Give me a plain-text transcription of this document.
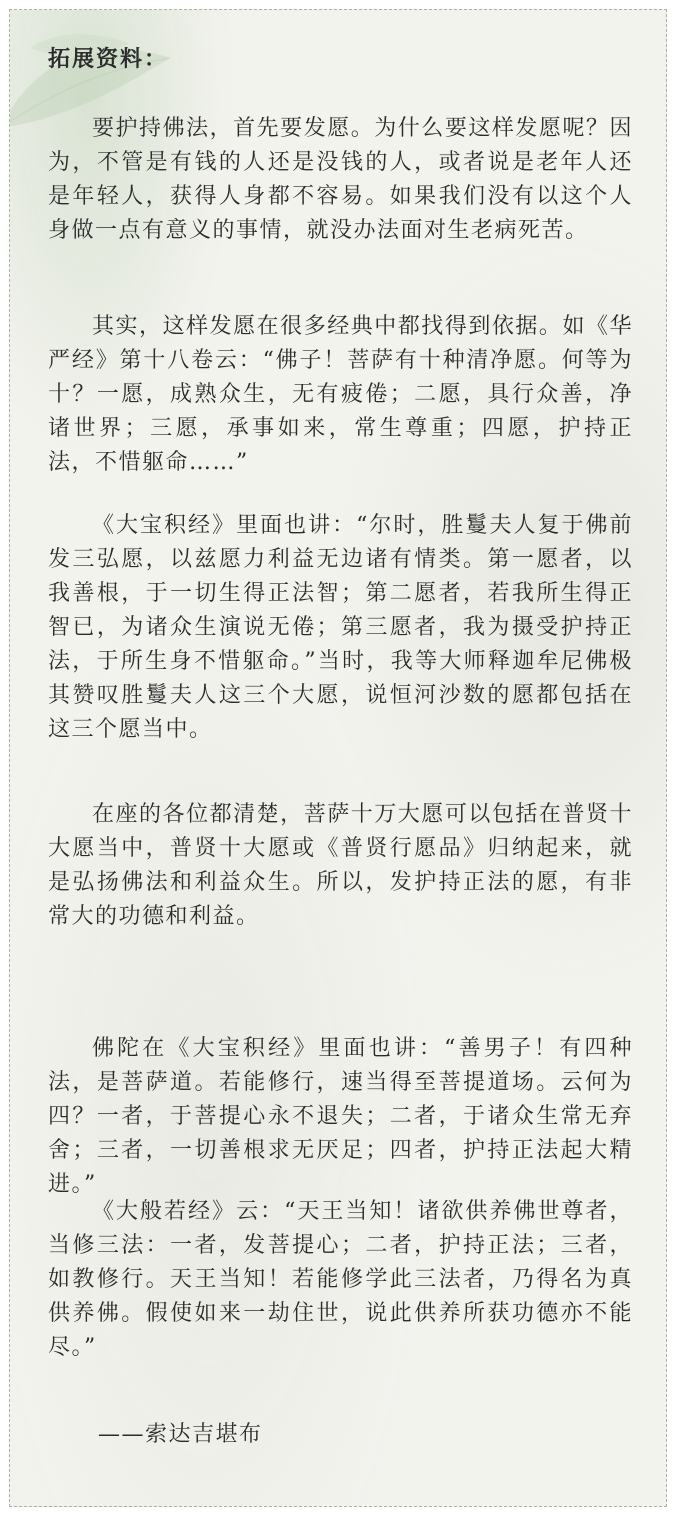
拓展资料：

要护持佛法，首先要发愿。为什么要这样发愿呢？因为，不管是有钱的人还是没钱的人，或者说是老年人还是年轻人，获得人身都不容易。如果我们没有以这个人身做一点有意义的事情，就没办法面对生老病死苦。

其实，这样发愿在很多经典中都找得到依据。如《华严经》第十八卷云：“佛子！菩萨有十种清净愿。何等为十？一愿，成熟众生，无有疲倦；二愿，具行众善，净诸世界；三愿，承事如来，常生尊重；四愿，护持正法，不惜躯命……”

《大宝积经》里面也讲：“尔时，胜鬘夫人复于佛前发三弘愿，以兹愿力利益无边诸有情类。第一愿者，以我善根，于一切生得正法智；第二愿者，若我所生得正智已，为诸众生演说无倦；第三愿者，我为摄受护持正法，于所生身不惜躯命。”当时，我等大师释迦牟尼佛极其赞叹胜鬘夫人这三个大愿，说恒河沙数的愿都包括在这三个愿当中。

在座的各位都清楚，菩萨十万大愿可以包括在普贤十大愿当中，普贤十大愿或《普贤行愿品》归纳起来，就是弘扬佛法和利益众生。所以，发护持正法的愿，有非常大的功德和利益。

佛陀在《大宝积经》里面也讲：“善男子！有四种法，是菩萨道。若能修行，速当得至菩提道场。云何为四？一者，于菩提心永不退失；二者，于诸众生常无弃舍；三者，一切善根求无厌足；四者，护持正法起大精进。”

《大般若经》云：“天王当知！诸欲供养佛世尊者，当修三法：一者，发菩提心；二者，护持正法；三者，如教修行。天王当知！若能修学此三法者，乃得名为真供养佛。假使如来一劫住世，说此供养所获功德亦不能尽。”

——索达吉堪布
